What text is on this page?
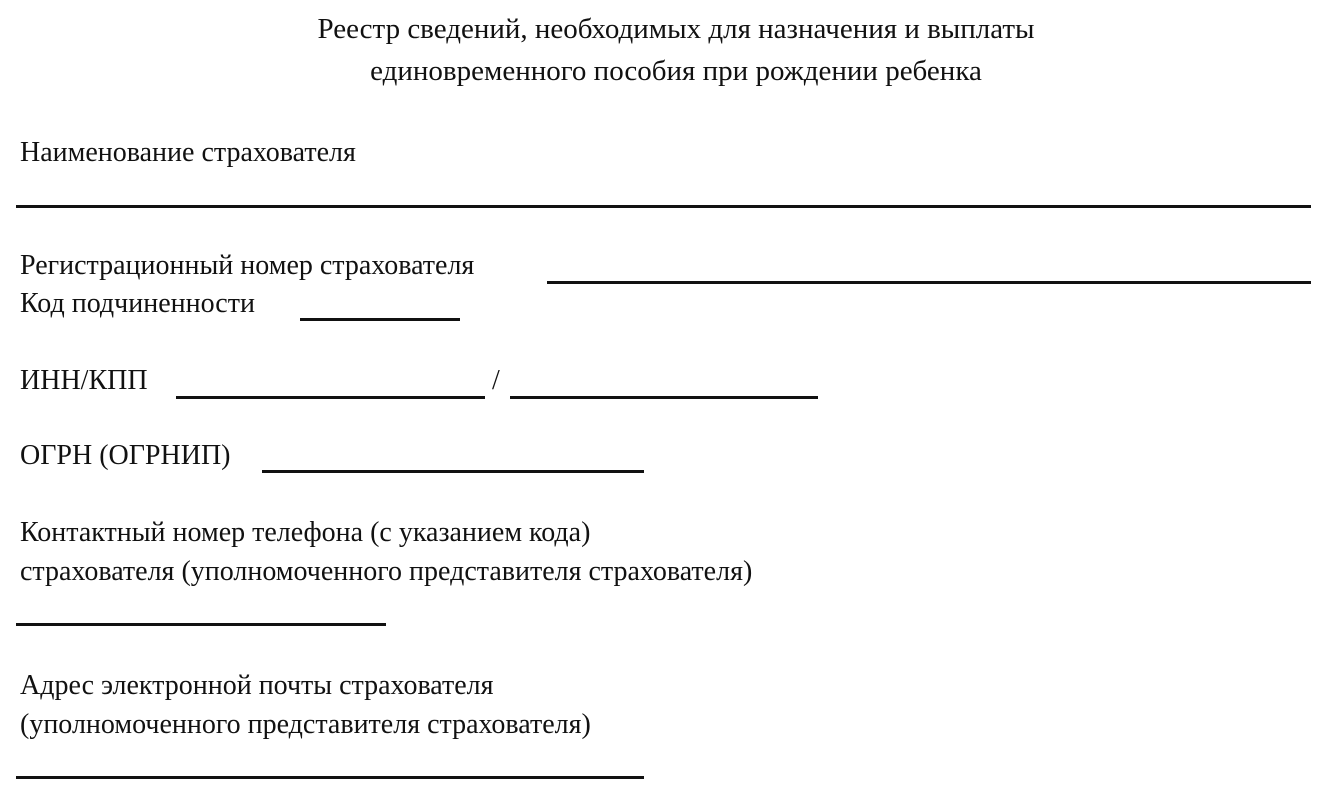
Реестр сведений, необходимых для назначения и выплаты
единовременного пособия при рождении ребенка
Наименование страхователя
Регистрационный номер страхователя
Код подчиненности
ИНН/КПП	/
ОГРН (ОГРНИП)
Контактный номер телефона (с указанием кода)
страхователя (уполномоченного представителя страхователя)
Адрес электронной почты страхователя
(уполномоченного представителя страхователя)
